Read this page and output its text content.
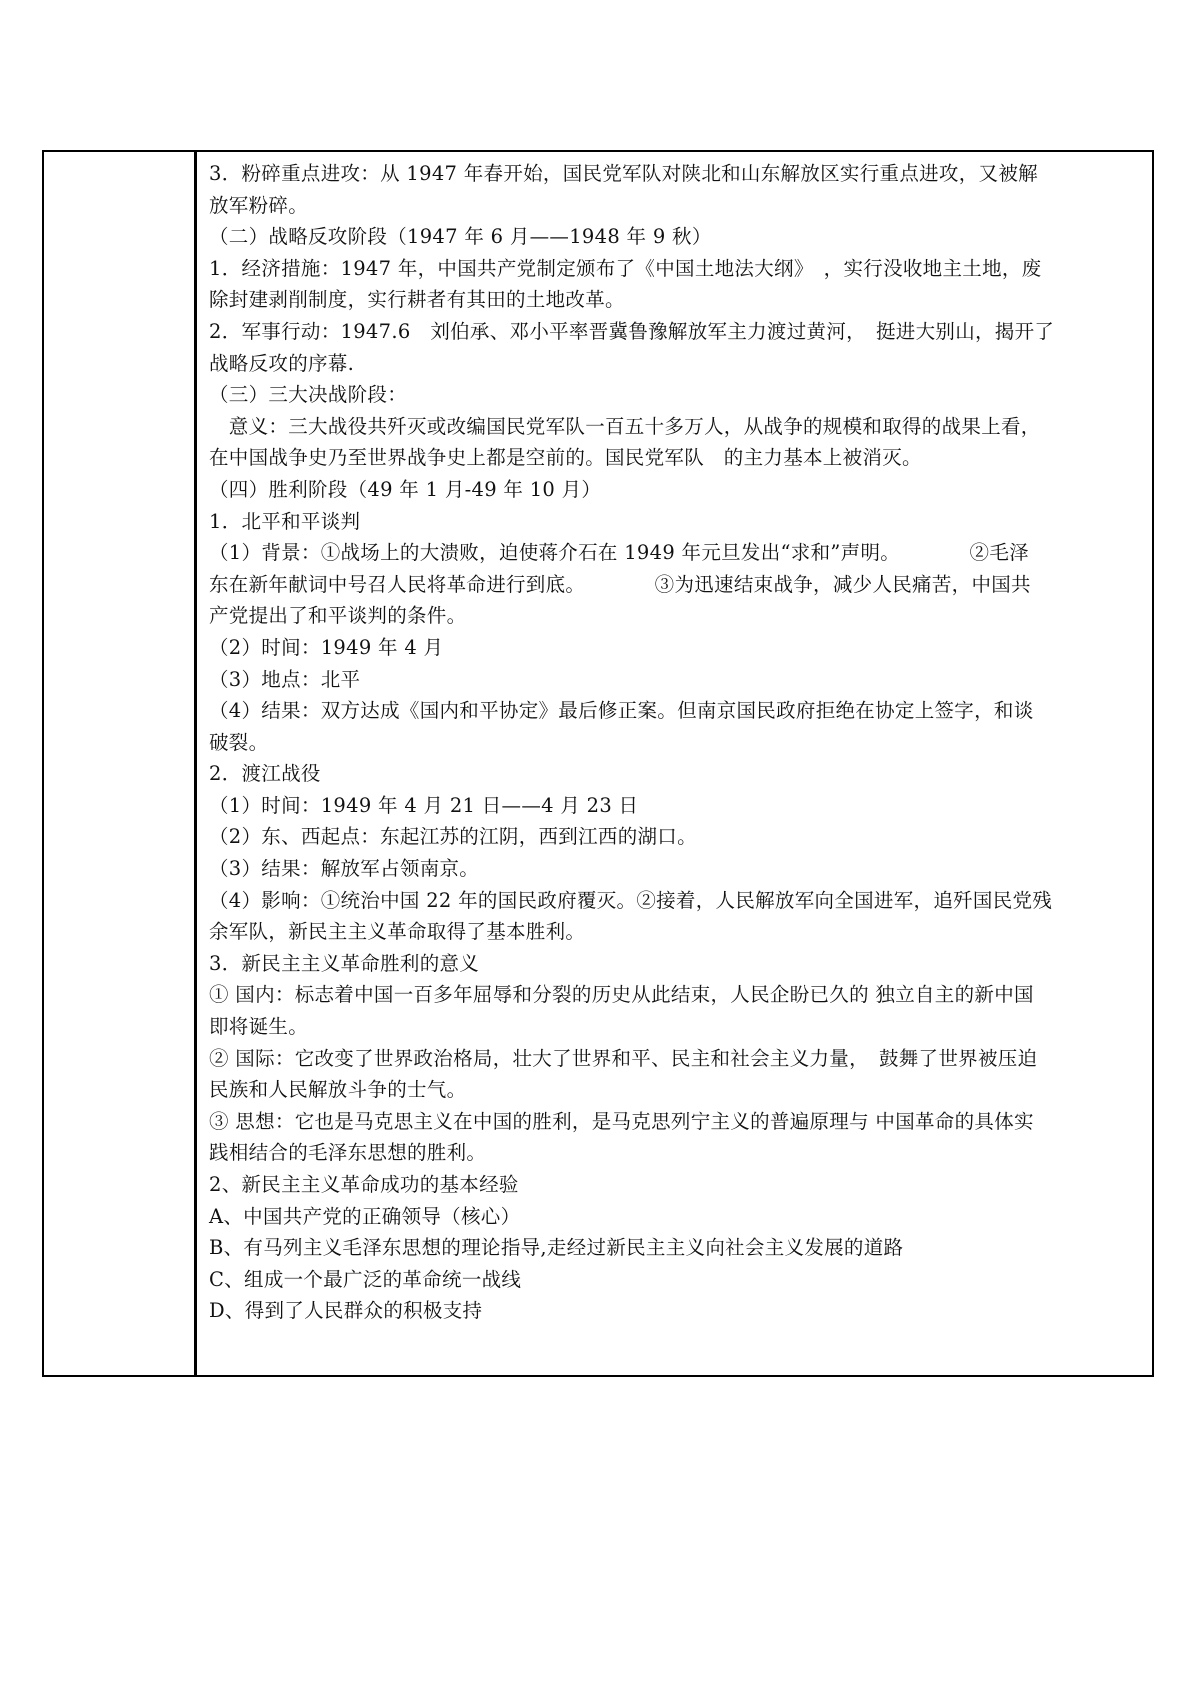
3．粉碎重点进攻：从 1947 年春开始，国民党军队对陕北和山东解放区实行重点进攻，又被解
放军粉碎。
（二）战略反攻阶段（1947 年 6 月——1948 年 9 秋）
1．经济措施：1947 年，中国共产党制定颁布了《中国土地法大纲》　，实行没收地主土地，废
除封建剥削制度，实行耕者有其田的土地改革。
2．军事行动：1947.6　刘伯承、邓小平率晋冀鲁豫解放军主力渡过黄河，　挺进大别山，揭开了
战略反攻的序幕.
（三）三大决战阶段：
　意义：三大战役共歼灭或改编国民党军队一百五十多万人，从战争的规模和取得的战果上看，
在中国战争史乃至世界战争史上都是空前的。国民党军队　的主力基本上被消灭。
（四）胜利阶段（49 年 1 月-49 年 10 月）
1．北平和平谈判
（1）背景：①战场上的大溃败，迫使蒋介石在 1949 年元旦发出“求和”声明。　　　　②毛泽
东在新年献词中号召人民将革命进行到底。　　　　③为迅速结束战争，减少人民痛苦，中国共
产党提出了和平谈判的条件。
（2）时间：1949 年 4 月
（3）地点：北平
（4）结果：双方达成《国内和平协定》最后修正案。但南京国民政府拒绝在协定上签字，和谈
破裂。
2．渡江战役
（1）时间：1949 年 4 月 21 日——4 月 23 日
（2）东、西起点：东起江苏的江阴，西到江西的湖口。
（3）结果：解放军占领南京。
（4）影响：①统治中国 22 年的国民政府覆灭。②接着，人民解放军向全国进军，追歼国民党残
余军队，新民主主义革命取得了基本胜利。
3．新民主主义革命胜利的意义
① 国内：标志着中国一百多年屈辱和分裂的历史从此结束，人民企盼已久的 独立自主的新中国
即将诞生。
② 国际：它改变了世界政治格局，壮大了世界和平、民主和社会主义力量，　鼓舞了世界被压迫
民族和人民解放斗争的士气。
③ 思想：它也是马克思主义在中国的胜利，是马克思列宁主义的普遍原理与 中国革命的具体实
践相结合的毛泽东思想的胜利。
2、新民主主义革命成功的基本经验
A、中国共产党的正确领导（核心）
B、有马列主义毛泽东思想的理论指导,走经过新民主主义向社会主义发展的道路
C、组成一个最广泛的革命统一战线
D、得到了人民群众的积极支持
